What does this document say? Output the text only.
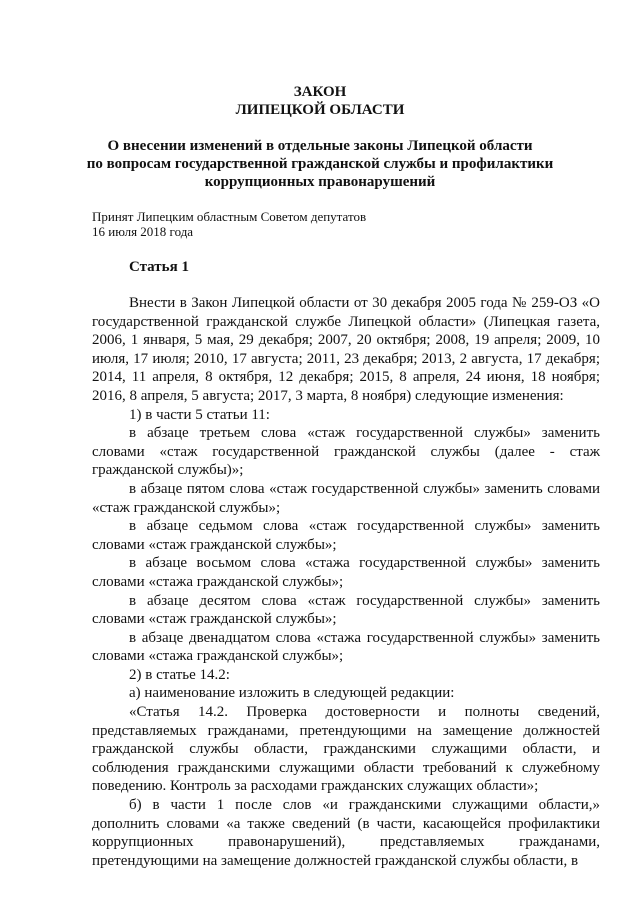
ЗАКОН
ЛИПЕЦКОЙ ОБЛАСТИ
О внесении изменений в отдельные законы Липецкой области
по вопросам государственной гражданской службы и профилактики
коррупционных правонарушений
Принят Липецким областным Советом депутатов
16 июля 2018 года
Статья 1

Внести в Закон Липецкой области от 30 декабря 2005 года № 259-ОЗ «О государственной гражданской службе Липецкой области» (Липецкая газета, 2006, 1 января, 5 мая, 29 декабря; 2007, 20 октября; 2008, 19 апреля; 2009, 10 июля, 17 июля; 2010, 17 августа; 2011, 23 декабря; 2013, 2 августа, 17 декабря; 2014, 11 апреля, 8 октября, 12 декабря; 2015, 8 апреля, 24 июня, 18 ноября; 2016, 8 апреля, 5 августа; 2017, 3 марта, 8 ноября) следующие изменения:

1) в части 5 статьи 11:

в абзаце третьем слова «стаж государственной службы» заменить словами «стаж государственной гражданской службы (далее - стаж гражданской службы)»;

в абзаце пятом слова «стаж государственной службы» заменить словами «стаж гражданской службы»;

в абзаце седьмом слова «стаж государственной службы» заменить словами «стаж гражданской службы»;

в абзаце восьмом слова «стажа государственной службы» заменить словами «стажа гражданской службы»;

в абзаце десятом слова «стаж государственной службы» заменить словами «стаж гражданской службы»;

в абзаце двенадцатом слова «стажа государственной службы» заменить словами «стажа гражданской службы»;

2) в статье 14.2:

а) наименование изложить в следующей редакции:

«Статья 14.2. Проверка достоверности и полноты сведений, представляемых гражданами, претендующими на замещение должностей гражданской службы области, гражданскими служащими области, и соблюдения гражданскими служащими области требований к служебному поведению. Контроль за расходами гражданских служащих области»;

б) в части 1 после слов «и гражданскими служащими области,» дополнить словами «а также сведений (в части, касающейся профилактики коррупционных правонарушений), представляемых гражданами, претендующими на замещение должностей гражданской службы области, в
